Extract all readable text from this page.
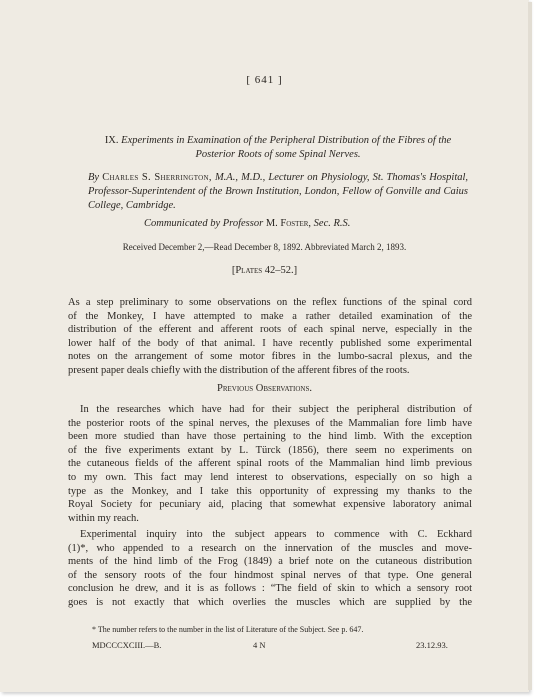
[ 641 ]
IX. Experiments in Examination of the Peripheral Distribution of the Fibres of the
Posterior Roots of some Spinal Nerves.
By Charles S. Sherrington, M.A., M.D., Lecturer on Physiology, St. Thomas's Hospital, Professor-Superintendent of the Brown Institution, London, Fellow of Gonville and Caius College, Cambridge.
Communicated by Professor M. Foster, Sec. R.S.
Received December 2,—Read December 8, 1892. Abbreviated March 2, 1893.
[Plates 42–52.]
As a step preliminary to some observations on the reflex functions of the spinal cord
of the Monkey, I have attempted to make a rather detailed examination of the
distribution of the efferent and afferent roots of each spinal nerve, especially in the
lower half of the body of that animal. I have recently published some experimental
notes on the arrangement of some motor fibres in the lumbo-sacral plexus, and the
present paper deals chiefly with the distribution of the afferent fibres of the roots.
Previous Observations.
In the researches which have had for their subject the peripheral distribution of
the posterior roots of the spinal nerves, the plexuses of the Mammalian fore limb have
been more studied than have those pertaining to the hind limb. With the exception
of the five experiments extant by L. Türck (1856), there seem no experiments on
the cutaneous fields of the afferent spinal roots of the Mammalian hind limb previous
to my own. This fact may lend interest to observations, especially on so high a
type as the Monkey, and I take this opportunity of expressing my thanks to the
Royal Society for pecuniary aid, placing that somewhat expensive laboratory animal
within my reach.
Experimental inquiry into the subject appears to commence with C. Eckhard
(1)*, who appended to a research on the innervation of the muscles and move-
ments of the hind limb of the Frog (1849) a brief note on the cutaneous distribution
of the sensory roots of the four hindmost spinal nerves of that type. One general
conclusion he drew, and it is as follows : “The field of skin to which a sensory root
goes is not exactly that which overlies the muscles which are supplied by the
* The number refers to the number in the list of Literature of the Subject. See p. 647.
MDCCCXCIII.—B.	4 N	23.12.93.
